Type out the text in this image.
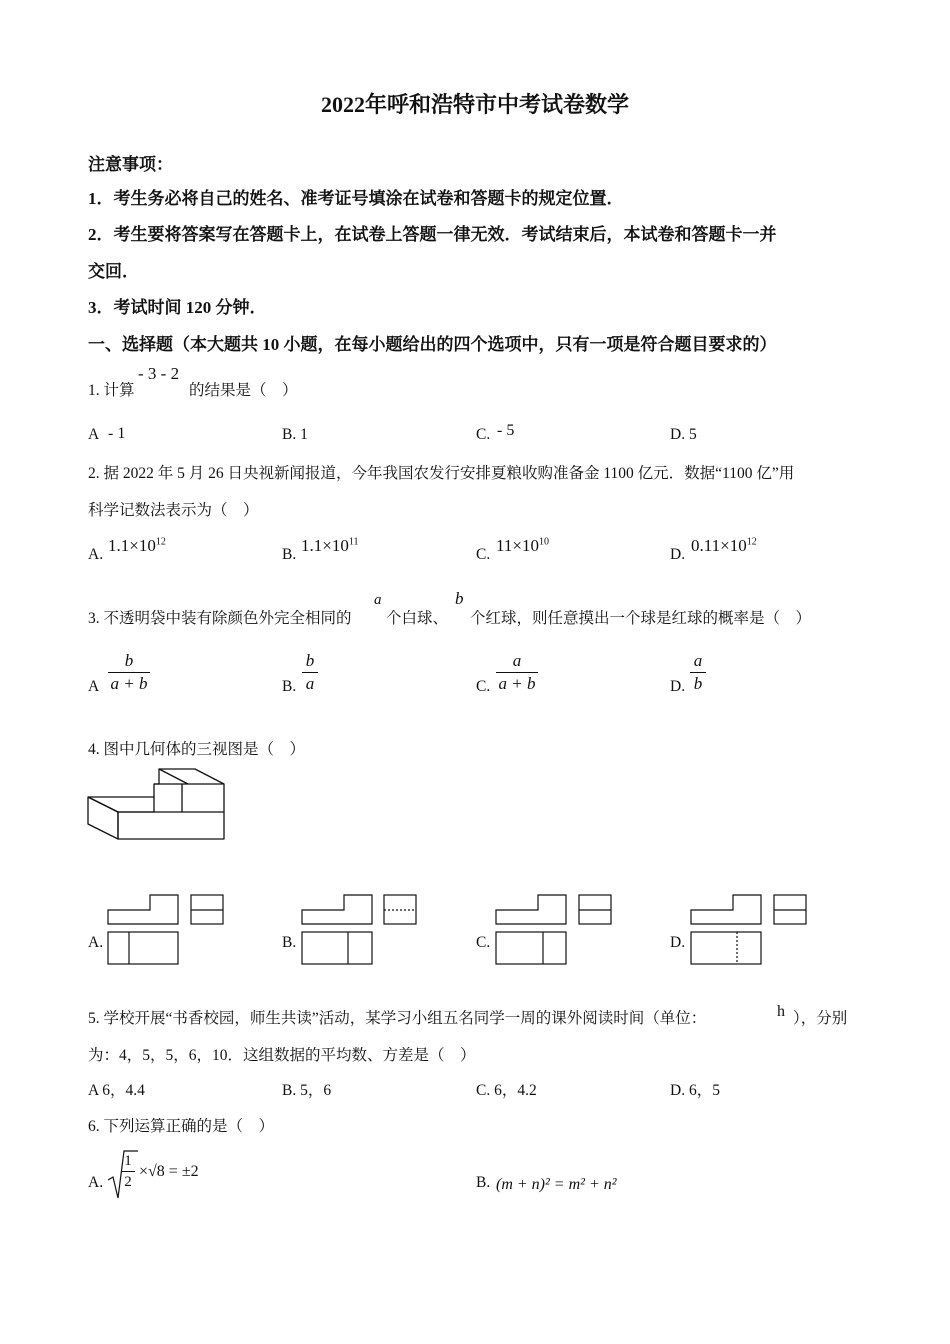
2022年呼和浩特市中考试卷数学
注意事项：
1．考生务必将自己的姓名、准考证号填涂在试卷和答题卡的规定位置．
2．考生要将答案写在答题卡上，在试卷上答题一律无效．考试结束后，本试卷和答题卡一并
交回．
3．考试时间 120 分钟．
一、选择题（本大题共 10 小题，在每小题给出的四个选项中，只有一项是符合题目要求的）
1. 计算
- 3 - 2
的结果是（　）
A - 1	B. 1	C. - 5	D. 5
2. 据 2022 年 5 月 26 日央视新闻报道，今年我国农发行安排夏粮收购准备金 1100 亿元．数据“1100 亿”用
科学记数法表示为（　）
A. $1.1\times 10^{12}$
B. $1.1\times 10^{11}$
C. $11\times 10^{10}$
D. $0.11\times 10^{12}$
3. 不透明袋中装有除颜色外完全相同的
a
个白球、
b
个红球，则任意摸出一个球是红球的概率是（　）
A
b
a + b	B.
b
a	C.
a
a + b	D.
a
b
4. 图中几何体的三视图是（　）
A.	B.	C.	D.
5. 学校开展“书香校园，师生共读”活动，某学习小组五名同学一周的课外阅读时间（单位：	h ），分别
为：4，5，5，6，10．这组数据的平均数、方差是（　）
A 6，4.4	B. 5，6	C. 6，4.2	D. 6，5
6. 下列运算正确的是（　）
A.
1
2
×√8 = ±2
B. (m + n)² = m² + n²
